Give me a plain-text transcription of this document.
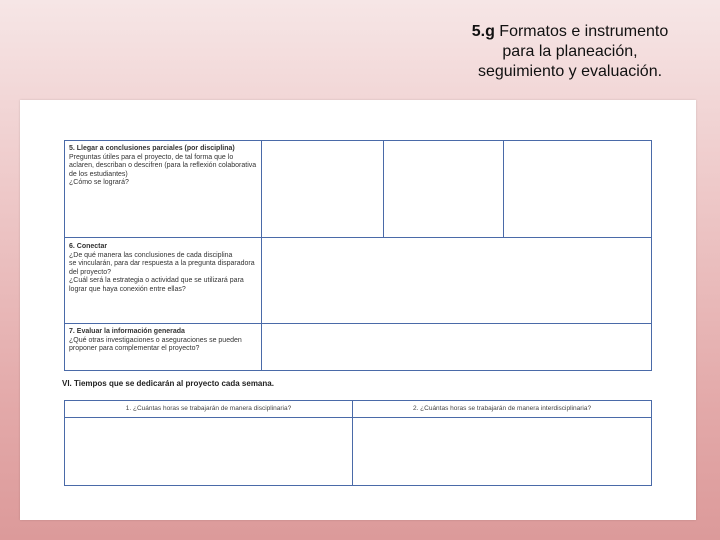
5.g Formatos e instrumento
para la planeación,
seguimiento y evaluación.
5. Llegar a conclusiones parciales (por disciplina)
Preguntas útiles para el proyecto, de tal forma que lo
aclaren, describan o descifren (para la reflexión colaborativa
de los estudiantes)
¿Cómo se logrará?
6. Conectar
¿De qué manera las conclusiones de cada disciplina
se vincularán, para dar respuesta a la pregunta disparadora
del proyecto?
¿Cuál será la estrategia o actividad que se utilizará para
lograr que haya conexión entre ellas?
7. Evaluar la información generada
¿Qué otras investigaciones o aseguraciones se pueden
proponer para complementar el proyecto?
VI. Tiempos que se dedicarán al proyecto cada semana.
1. ¿Cuántas horas se trabajarán de manera disciplinaria?	2. ¿Cuántas horas se trabajarán de manera interdisciplinaria?
